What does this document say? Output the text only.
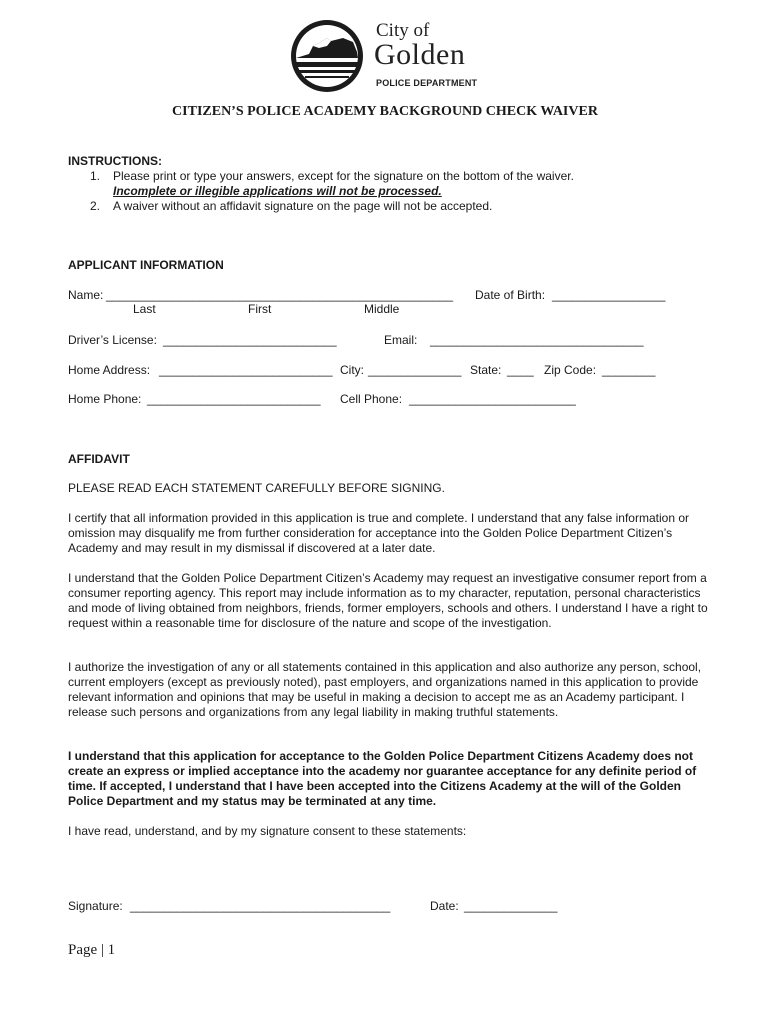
City of
Golden
POLICE DEPARTMENT
CITIZEN’S POLICE ACADEMY BACKGROUND CHECK WAIVER
INSTRUCTIONS:
1. Please print or type your answers, except for the signature on the bottom of the waiver.
Incomplete or illegible applications will not be processed.
2. A waiver without an affidavit signature on the page will not be accepted.
APPLICANT INFORMATION
Name: ____________________________________________________ Date of Birth: _________________
Last	First	Middle
Driver’s License: __________________________	Email: ________________________________
Home Address: __________________________ City: ______________ State: ____ Zip Code: ________
Home Phone: __________________________ Cell Phone: _________________________
AFFIDAVIT
PLEASE READ EACH STATEMENT CAREFULLY BEFORE SIGNING.
I certify that all information provided in this application is true and complete. I understand that any false information or omission may disqualify me from further consideration for acceptance into the Golden Police Department Citizen’s Academy and may result in my dismissal if discovered at a later date.
I understand that the Golden Police Department Citizen’s Academy may request an investigative consumer report from a consumer reporting agency. This report may include information as to my character, reputation, personal characteristics and mode of living obtained from neighbors, friends, former employers, schools and others. I understand I have a right to request within a reasonable time for disclosure of the nature and scope of the investigation.
I authorize the investigation of any or all statements contained in this application and also authorize any person, school, current employers (except as previously noted), past employers, and organizations named in this application to provide relevant information and opinions that may be useful in making a decision to accept me as an Academy participant. I release such persons and organizations from any legal liability in making truthful statements.
I understand that this application for acceptance to the Golden Police Department Citizens Academy does not create an express or implied acceptance into the academy nor guarantee acceptance for any definite period of time. If accepted, I understand that I have been accepted into the Citizens Academy at the will of the Golden Police Department and my status may be terminated at any time.
I have read, understand, and by my signature consent to these statements:
Signature: _______________________________________	Date: ______________
Page | 1
